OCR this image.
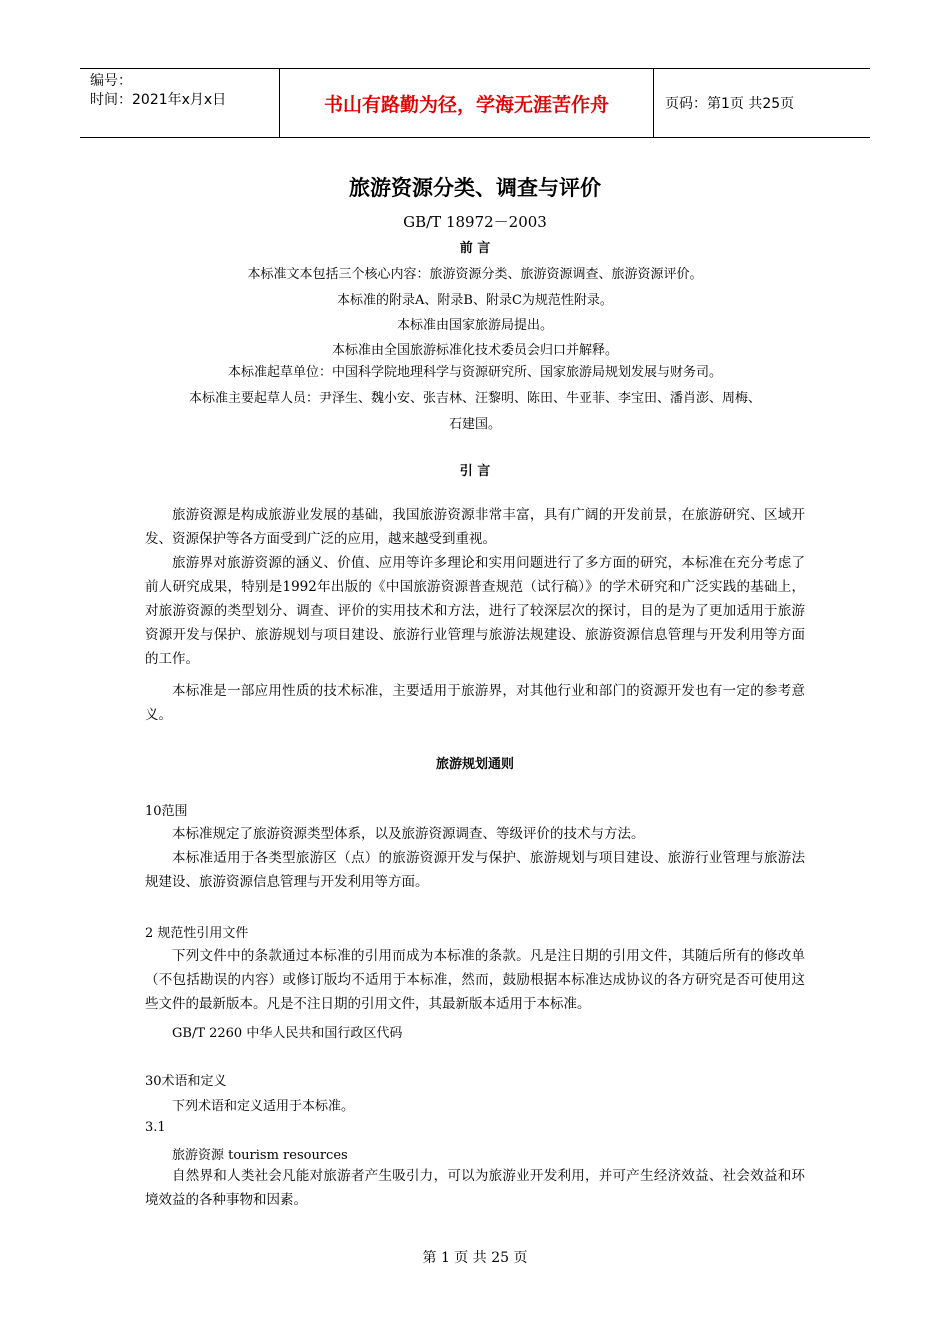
编号：
时间：2021年x月x日	书山有路勤为径，学海无涯苦作舟	页码：第1页 共25页
旅游资源分类、调查与评价
GB/T 18972－2003
前 言
本标准文本包括三个核心内容：旅游资源分类、旅游资源调查、旅游资源评价。
本标准的附录A、附录B、附录C为规范性附录。
本标准由国家旅游局提出。
本标准由全国旅游标准化技术委员会归口并解释。
本标准起草单位：中国科学院地理科学与资源研究所、国家旅游局规划发展与财务司。
本标准主要起草人员：尹泽生、魏小安、张吉林、汪黎明、陈田、牛亚菲、李宝田、潘肖澎、周梅、
石建国。
引 言
旅游资源是构成旅游业发展的基础，我国旅游资源非常丰富，具有广阔的开发前景，在旅游研究、区域开发、资源保护等各方面受到广泛的应用，越来越受到重视。
旅游界对旅游资源的涵义、价值、应用等许多理论和实用问题进行了多方面的研究，本标准在充分考虑了前人研究成果，特别是1992年出版的《中国旅游资源普查规范（试行稿）》的学术研究和广泛实践的基础上，对旅游资源的类型划分、调查、评价的实用技术和方法，进行了较深层次的探讨，目的是为了更加适用于旅游资源开发与保护、旅游规划与项目建设、旅游行业管理与旅游法规建设、旅游资源信息管理与开发利用等方面的工作。
本标准是一部应用性质的技术标准，主要适用于旅游界，对其他行业和部门的资源开发也有一定的参考意义。
旅游规划通则
10范围
本标准规定了旅游资源类型体系，以及旅游资源调查、等级评价的技术与方法。
本标准适用于各类型旅游区（点）的旅游资源开发与保护、旅游规划与项目建设、旅游行业管理与旅游法规建设、旅游资源信息管理与开发利用等方面。
2 规范性引用文件
下列文件中的条款通过本标准的引用而成为本标准的条款。凡是注日期的引用文件，其随后所有的修改单（不包括勘误的内容）或修订版均不适用于本标准，然而，鼓励根据本标准达成协议的各方研究是否可使用这些文件的最新版本。凡是不注日期的引用文件，其最新版本适用于本标准。
GB/T 2260 中华人民共和国行政区代码
30术语和定义
下列术语和定义适用于本标准。
3.1
旅游资源 tourism resources
自然界和人类社会凡能对旅游者产生吸引力，可以为旅游业开发利用，并可产生经济效益、社会效益和环境效益的各种事物和因素。
第 1 页 共 25 页
